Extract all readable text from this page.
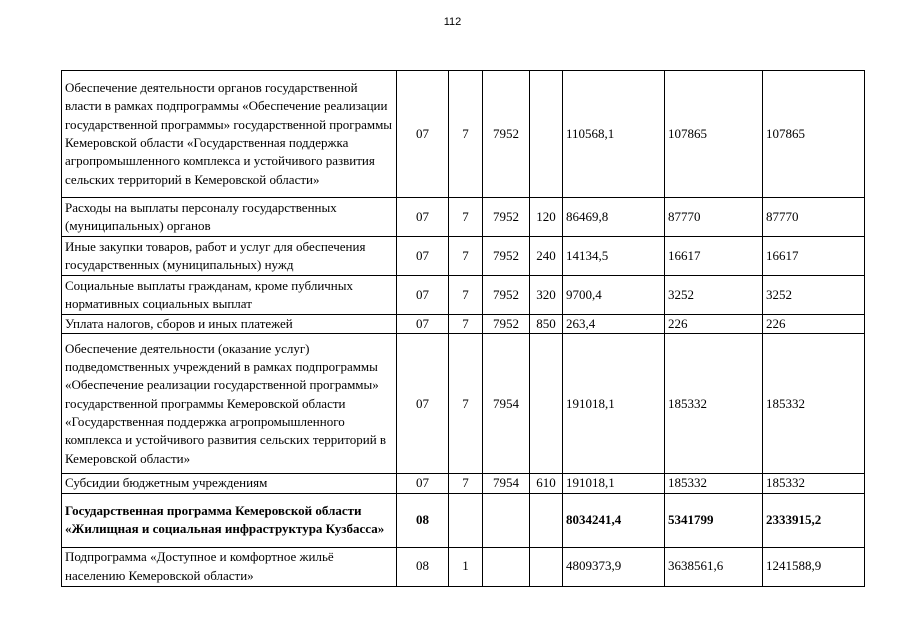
112
Обеспечение деятельности органов государственной власти в рамках подпрограммы «Обеспечение реализации государственной программы» государственной программы Кемеровской области «Государственная поддержка агропромышленного комплекса и устойчивого развития сельских территорий в Кемеровской области»	07	7	7952		110568,1	107865	107865
Расходы на выплаты персоналу государственных (муниципальных) органов	07	7	7952	120	86469,8	87770	87770
Иные закупки товаров, работ и услуг для обеспечения государственных (муниципальных) нужд	07	7	7952	240	14134,5	16617	16617
Социальные выплаты гражданам, кроме публичных нормативных социальных выплат	07	7	7952	320	9700,4	3252	3252
Уплата налогов, сборов и иных платежей	07	7	7952	850	263,4	226	226
Обеспечение деятельности (оказание услуг) подведомственных учреждений в рамках подпрограммы «Обеспечение реализации государственной программы» государственной программы Кемеровской области «Государственная поддержка агропромышленного комплекса и устойчивого развития сельских территорий в Кемеровской области»	07	7	7954		191018,1	185332	185332
Субсидии бюджетным учреждениям	07	7	7954	610	191018,1	185332	185332
Государственная программа Кемеровской области «Жилищная и социальная инфраструктура Кузбасса»	08				8034241,4	5341799	2333915,2
Подпрограмма «Доступное и комфортное жильё населению Кемеровской области»	08	1			4809373,9	3638561,6	1241588,9
